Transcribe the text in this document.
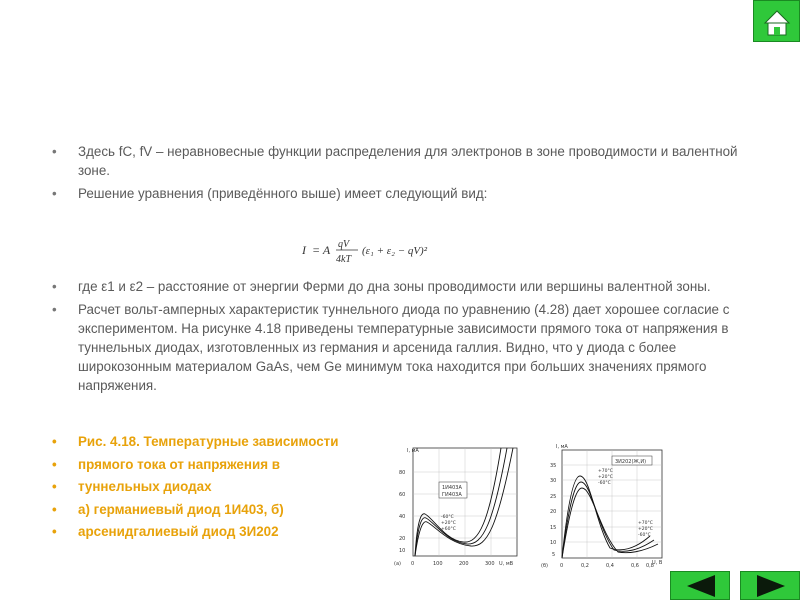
• Здесь fC, fV – неравновесные функции распределения для электронов в зоне проводимости и валентной зоне.
• Решение уравнения (приведённого выше) имеет следующий вид:
• где ε1 и ε2 – расстояние от энергии Ферми до дна зоны проводимости или вершины валентной зоны.
• Расчет вольт-амперных характеристик туннельного диода по уравнению (4.28) дает хорошее согласие с экспериментом. На рисунке 4.18 приведены температурные зависимости прямого тока от напряжения в туннельных диодах, изготовленных из германия и арсенида галлия. Видно, что у диода с более широкозонным материалом GaAs, чем Ge минимум тока находится при больших значениях прямого напряжения.
I = A qV
4kT
(ε₁ + ε₂ − qV)²
• Рис. 4.18. Температурные зависимости
• прямого тока от напряжения в
• туннельных диодах
• а) германиевый диод 1И403, б)
• арсенидгалиевый диод 3И202
I, мА
80
60
40
20
10
0	100	200	300 U, мВ
(а)
1И403А
ГИ403А
-60°С
+20°С
+60°С
I, мА
35
30
25
20
15
10
5
0	0,2	0,4	0,6 0,8
U, В
(б)
3И202(Ж,И)
+70°С
+20°С
-60°С
+70°С
+20°С
-60°С
